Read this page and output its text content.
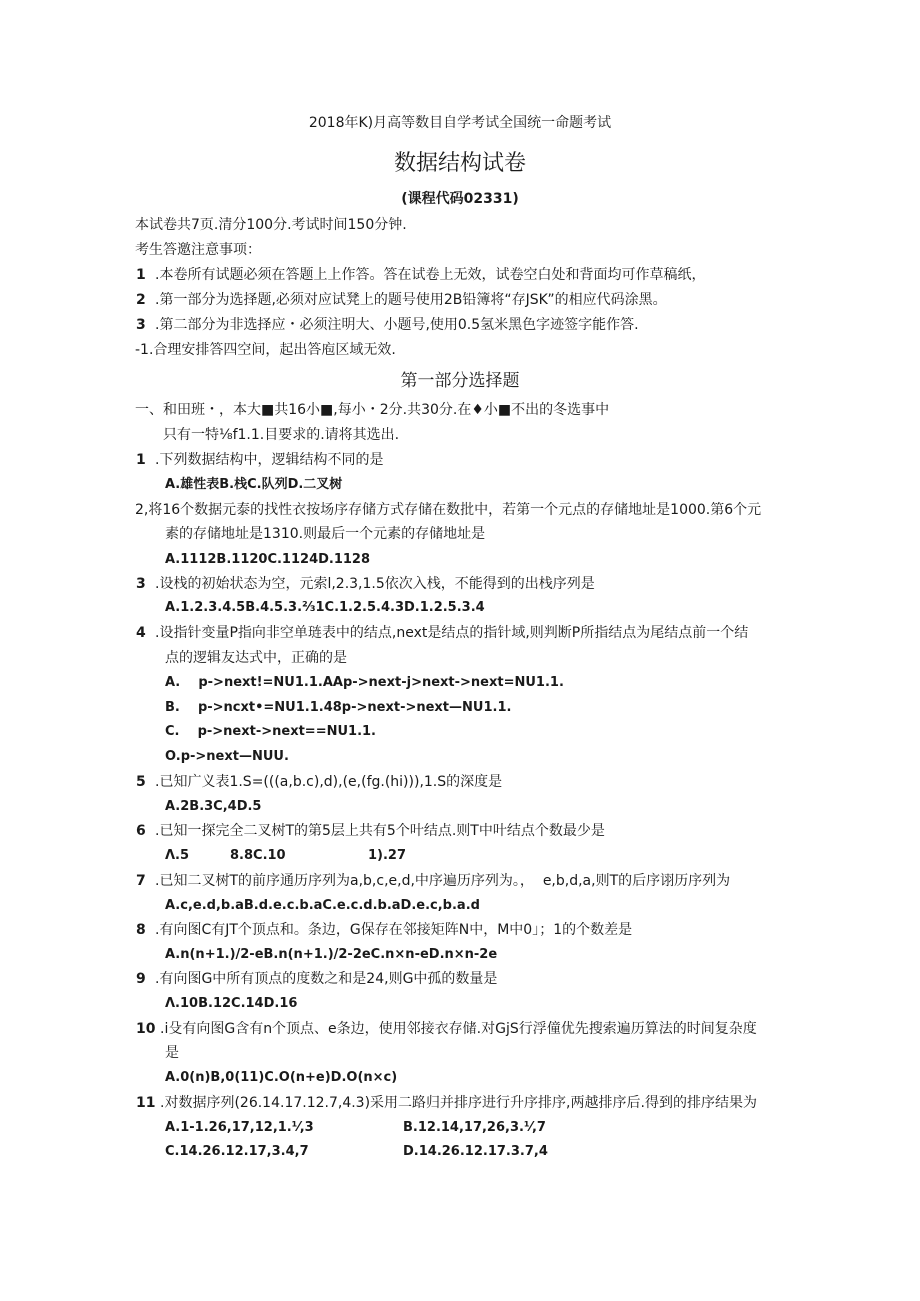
2018年K)月高等数目自学考试全国统一命题考试
数据结构试卷
(课程代码02331)
本试卷共7页.清分100分.考试时间150分钟.
考生答邀注意事项：
1 .本卷所有试题必须在答题上上作答。答在试卷上无效，试卷空白处和背面均可作草稿纸，
2 .第一部分为选择题,必须对应试凳上的题号使用2B铅簿将“存JSK”的相应代码涂黑。
3 .第二部分为非选择应・必须注明大、小题号,使用0.5氢米黑色字迹签字能作答.
-1.合理安排答四空间，起出答庖区域无效.
第一部分选择题
一、和田班・，本大■共16小■,每小・2分.共30分.在♦小■不出的冬选事中
只有一特⅛f1.1.目要求的.请将其选出.
1 .下列数据结构中，逻辑结构不同的是
A.雄性表B.栈C.队列D.二叉树
2,将16个数据元泰的找性衣按场序存储方式存储在数批中，若第一个元点的存储地址是1000.第6个元
素的存储地址是1310.则最后一个元素的存储地址是
A.1112B.1120C.1124D.1128
3 .设栈的初始状态为空，元索l,2.3,1.5依次入栈，不能得到的出栈序列是
A.1.2.3.4.5B.4.5.3.⅔1C.1.2.5.4.3D.1.2.5.3.4
4 .设指针变量P指向非空单琏表中的结点,next是结点的指针域,则判断P所指结点为尾结点前一个结
点的逻辑友达式中，正确的是
A.    p->next!=NU1.1.AAp->next-j>next->next=NU1.1.
B.    p->ncxt•=NU1.1.48p->next->next—NU1.1.
C.    p->next->next==NU1.1.
O.p->next—NUU.
5 .已知广义表1.S=(((a,b.c),d),(e,(fg.(hi))),1.S的深度是
A.2B.3C,4D.5
6 .已知一探完全二叉树T的第5层上共有5个叶结点.则T中叶结点个数最少是
Λ.5	8.8C.10	1).27
7 .已知二叉树T的前序通历序列为a,b,c,e,d,中序遍历序列为。，  e,b,d,a,则T的后序诩历序列为
A.c,e.d,b.aB.d.e.c.b.aC.e.c.d.b.aD.e.c,b.a.d
8 .有向图C有JT个顶点和。条边，G保存在邻接矩阵N中，M中0」；1的个数差是
A.n(n+1.)/2-eB.n(n+1.)/2-2eC.n×n-eD.n×n-2e
9 .有向图G中所有顶点的度数之和是24,则G中孤的数量是
Λ.10B.12C.14D.16
10 .i殳有向图G含有n个顶点、e条边，使用邻接衣存储.对GjS行浮僮优先搜索遍历算法的时间复杂度
是
A.0(n)B,0(11)C.O(n+e)D.O(n×c)
11 .对数据序列(26.14.17.12.7,4.3)采用二路归并排序进行升序排序,两越排序后.得到的排序结果为
A.1-1.26,17,12,1.⅟,3	B.12.14,17,26,3.⅟,7
C.14.26.12.17,3.4,7	D.14.26.12.17.3.7,4
